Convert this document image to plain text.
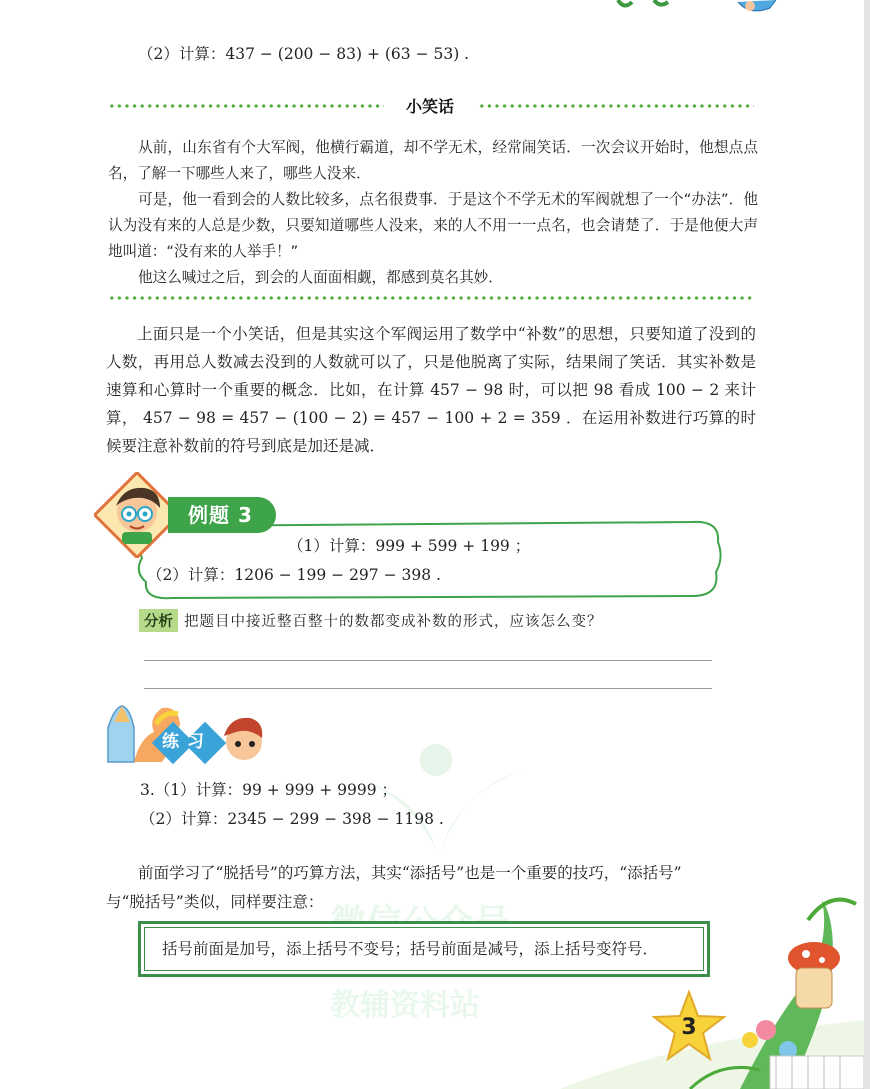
（2）计算：437 − (200 − 83) + (63 − 53) .
小笑话

从前，山东省有个大军阀，他横行霸道，却不学无术，经常闹笑话．一次会议开始时，他想点点名，了解一下哪些人来了，哪些人没来．

可是，他一看到会的人数比较多，点名很费事．于是这个不学无术的军阀就想了一个“办法”．他认为没有来的人总是少数，只要知道哪些人没来，来的人不用一一点名，也会请楚了．于是他便大声地叫道：“没有来的人举手！”

他这么喊过之后，到会的人面面相觑，都感到莫名其妙．

上面只是一个小笑话，但是其实这个军阀运用了数学中“补数”的思想，只要知道了没到的人数，再用总人数减去没到的人数就可以了，只是他脱离了实际，结果闹了笑话．其实补数是速算和心算时一个重要的概念．比如，在计算 457 − 98 时，可以把 98 看成 100 − 2 来计算， 457 − 98 = 457 − (100 − 2) = 457 − 100 + 2 = 359 ．在运用补数进行巧算的时候要注意补数前的符号到底是加还是减．

例题 3
（1）计算：999 + 599 + 199 ；
（2）计算：1206 − 199 − 297 − 398 .
分析 把题目中接近整百整十的数都变成补数的形式，应该怎么变？
教辅资料站
练习
3.（1）计算：99 + 999 + 9999 ；
（2）计算：2345 − 299 − 398 − 1198 .
前面学习了“脱括号”的巧算方法，其实“添括号”也是一个重要的技巧，“添括号”
与“脱括号”类似，同样要注意：
括号前面是加号，添上括号不变号；括号前面是减号，添上括号变符号．
3
